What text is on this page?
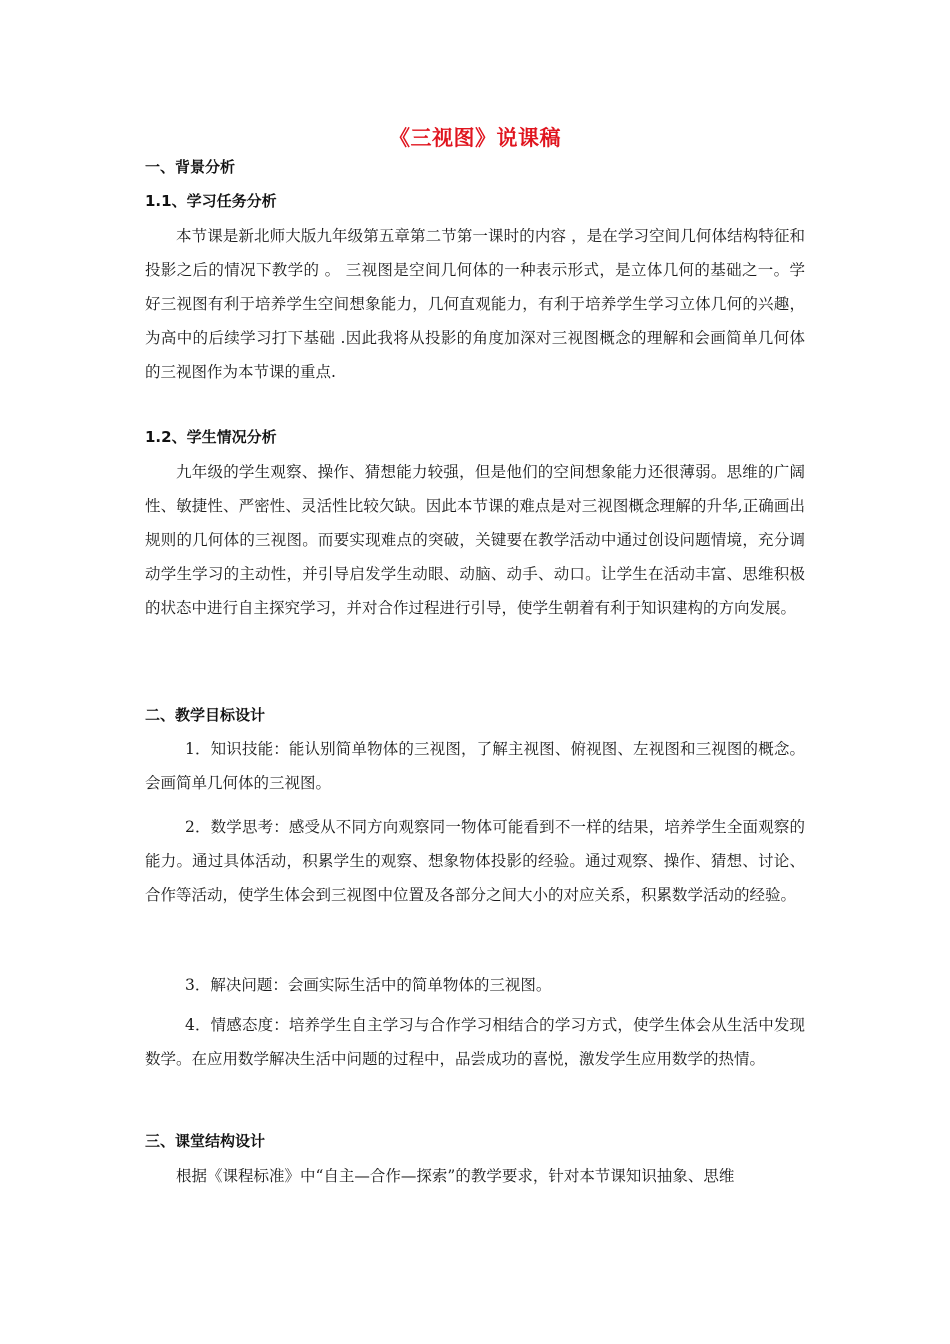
《三视图》说课稿
一、背景分析
1.1、学习任务分析
本节课是新北师大版九年级第五章第二节第一课时的内容 ，是在学习空间几何体结构特征和投影之后的情况下教学的 。 三视图是空间几何体的一种表示形式，是立体几何的基础之一。学好三视图有利于培养学生空间想象能力，几何直观能力，有利于培养学生学习立体几何的兴趣，为高中的后续学习打下基础 .因此我将从投影的角度加深对三视图概念的理解和会画简单几何体的三视图作为本节课的重点.
1.2、学生情况分析
九年级的学生观察、操作、猜想能力较强，但是他们的空间想象能力还很薄弱。思维的广阔性、敏捷性、严密性、灵活性比较欠缺。因此本节课的难点是对三视图概念理解的升华,正确画出规则的几何体的三视图。而要实现难点的突破，关键要在教学活动中通过创设问题情境，充分调动学生学习的主动性，并引导启发学生动眼、动脑、动手、动口。让学生在活动丰富、思维积极的状态中进行自主探究学习，并对合作过程进行引导，使学生朝着有利于知识建构的方向发展。
二、教学目标设计
1．知识技能：能认别简单物体的三视图，了解主视图、俯视图、左视图和三视图的概念。会画简单几何体的三视图。
2．数学思考：感受从不同方向观察同一物体可能看到不一样的结果，培养学生全面观察的能力。通过具体活动，积累学生的观察、想象物体投影的经验。通过观察、操作、猜想、讨论、合作等活动，使学生体会到三视图中位置及各部分之间大小的对应关系，积累数学活动的经验。
3．解决问题：会画实际生活中的简单物体的三视图。
4．情感态度：培养学生自主学习与合作学习相结合的学习方式，使学生体会从生活中发现数学。在应用数学解决生活中问题的过程中，品尝成功的喜悦，激发学生应用数学的热情。
三、课堂结构设计
根据《课程标准》中“自主—合作—探索”的教学要求，针对本节课知识抽象、思维
